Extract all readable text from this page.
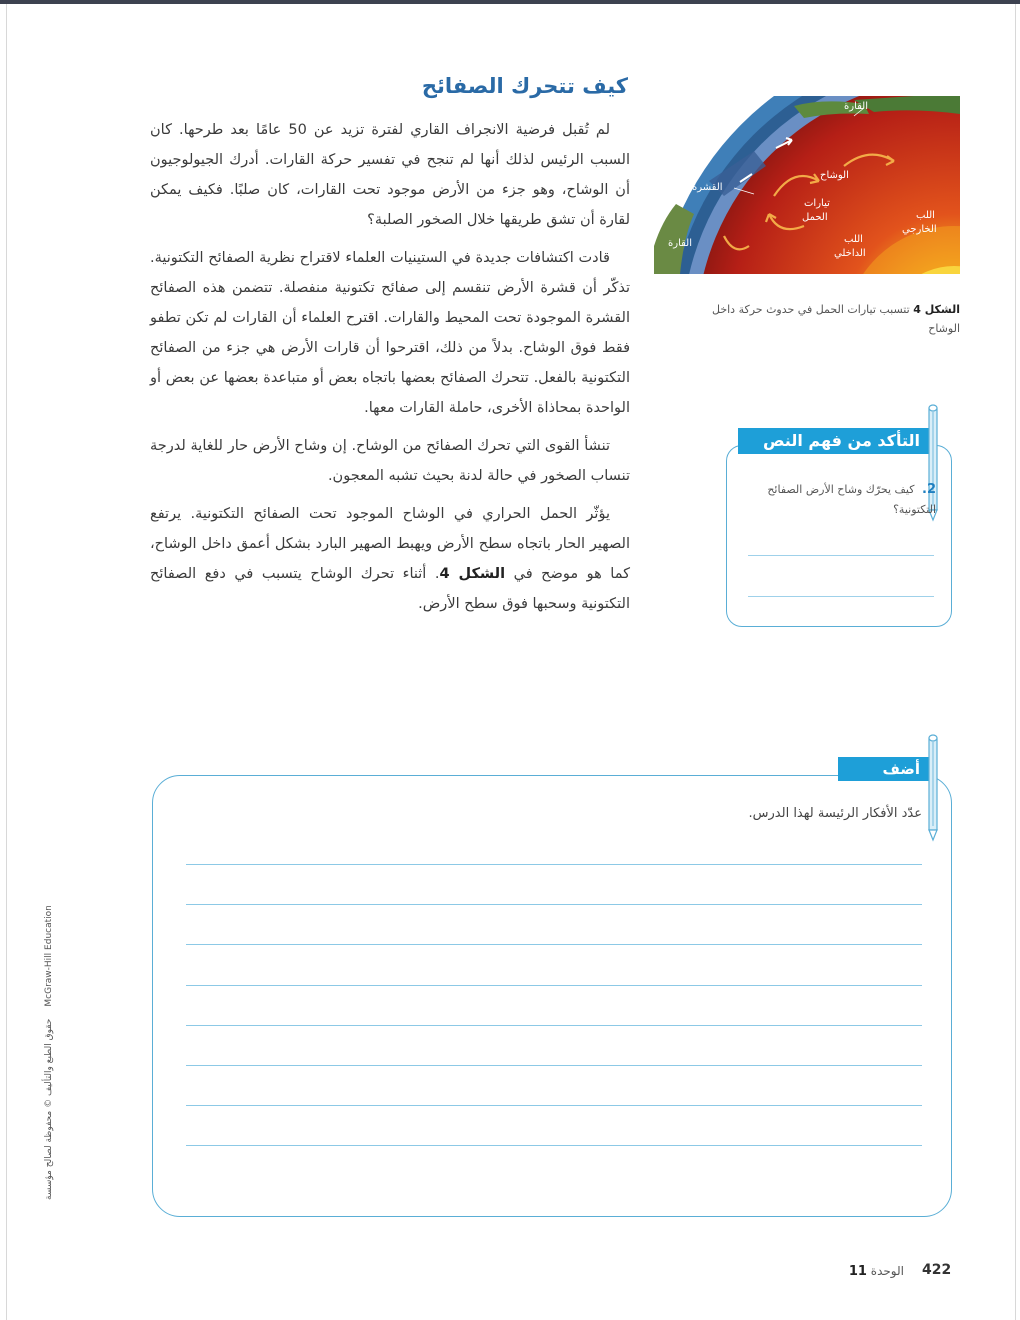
كيف تتحرك الصفائح

لم تُقبل فرضية الانجراف القاري لفترة تزيد عن 50 عامًا بعد طرحها. كان السبب الرئيس لذلك أنها لم تنجح في تفسير حركة القارات. أدرك الجيولوجيون أن الوشاح، وهو جزء من الأرض موجود تحت القارات، كان صلبًا. فكيف يمكن لقارة أن تشق طريقها خلال الصخور الصلبة؟

قادت اكتشافات جديدة في الستينيات العلماء لاقتراح نظرية الصفائح التكتونية. تذكّر أن قشرة الأرض تنقسم إلى صفائح تكتونية منفصلة. تتضمن هذه الصفائح القشرة الموجودة تحت المحيط والقارات. اقترح العلماء أن القارات لم تكن تطفو فقط فوق الوشاح. بدلاً من ذلك، اقترحوا أن قارات الأرض هي جزء من الصفائح التكتونية بالفعل. تتحرك الصفائح بعضها باتجاه بعض أو متباعدة بعضها عن بعض أو الواحدة بمحاذاة الأخرى، حاملة القارات معها.

تنشأ القوى التي تحرك الصفائح من الوشاح. إن وشاح الأرض حار للغاية لدرجة تنساب الصخور في حالة لدنة بحيث تشبه المعجون.

يؤثّر الحمل الحراري في الوشاح الموجود تحت الصفائح التكتونية. يرتفع الصهير الحار باتجاه سطح الأرض ويهبط الصهير البارد بشكل أعمق داخل الوشاح، كما هو موضح في الشكل 4. أثناء تحرك الوشاح يتسبب في دفع الصفائح التكتونية وسحبها فوق سطح الأرض.

القارة
الوشاح
القشرة
تيارات
الحمل	اللب
الخارجي
اللب
الداخلي
القارة
الشكل 4 تتسبب تيارات الحمل في حدوث حركة داخل الوشاح
التأكد من فهم النص
2. كيف يحرّك وشاح الأرض الصفائح التكتونية؟
أضف
عدّد الأفكار الرئيسة لهذا الدرس.
حقوق الطبع والتأليف © محفوظة لصالح مؤسسةMcGraw-Hill Education
422
الوحدة 11
